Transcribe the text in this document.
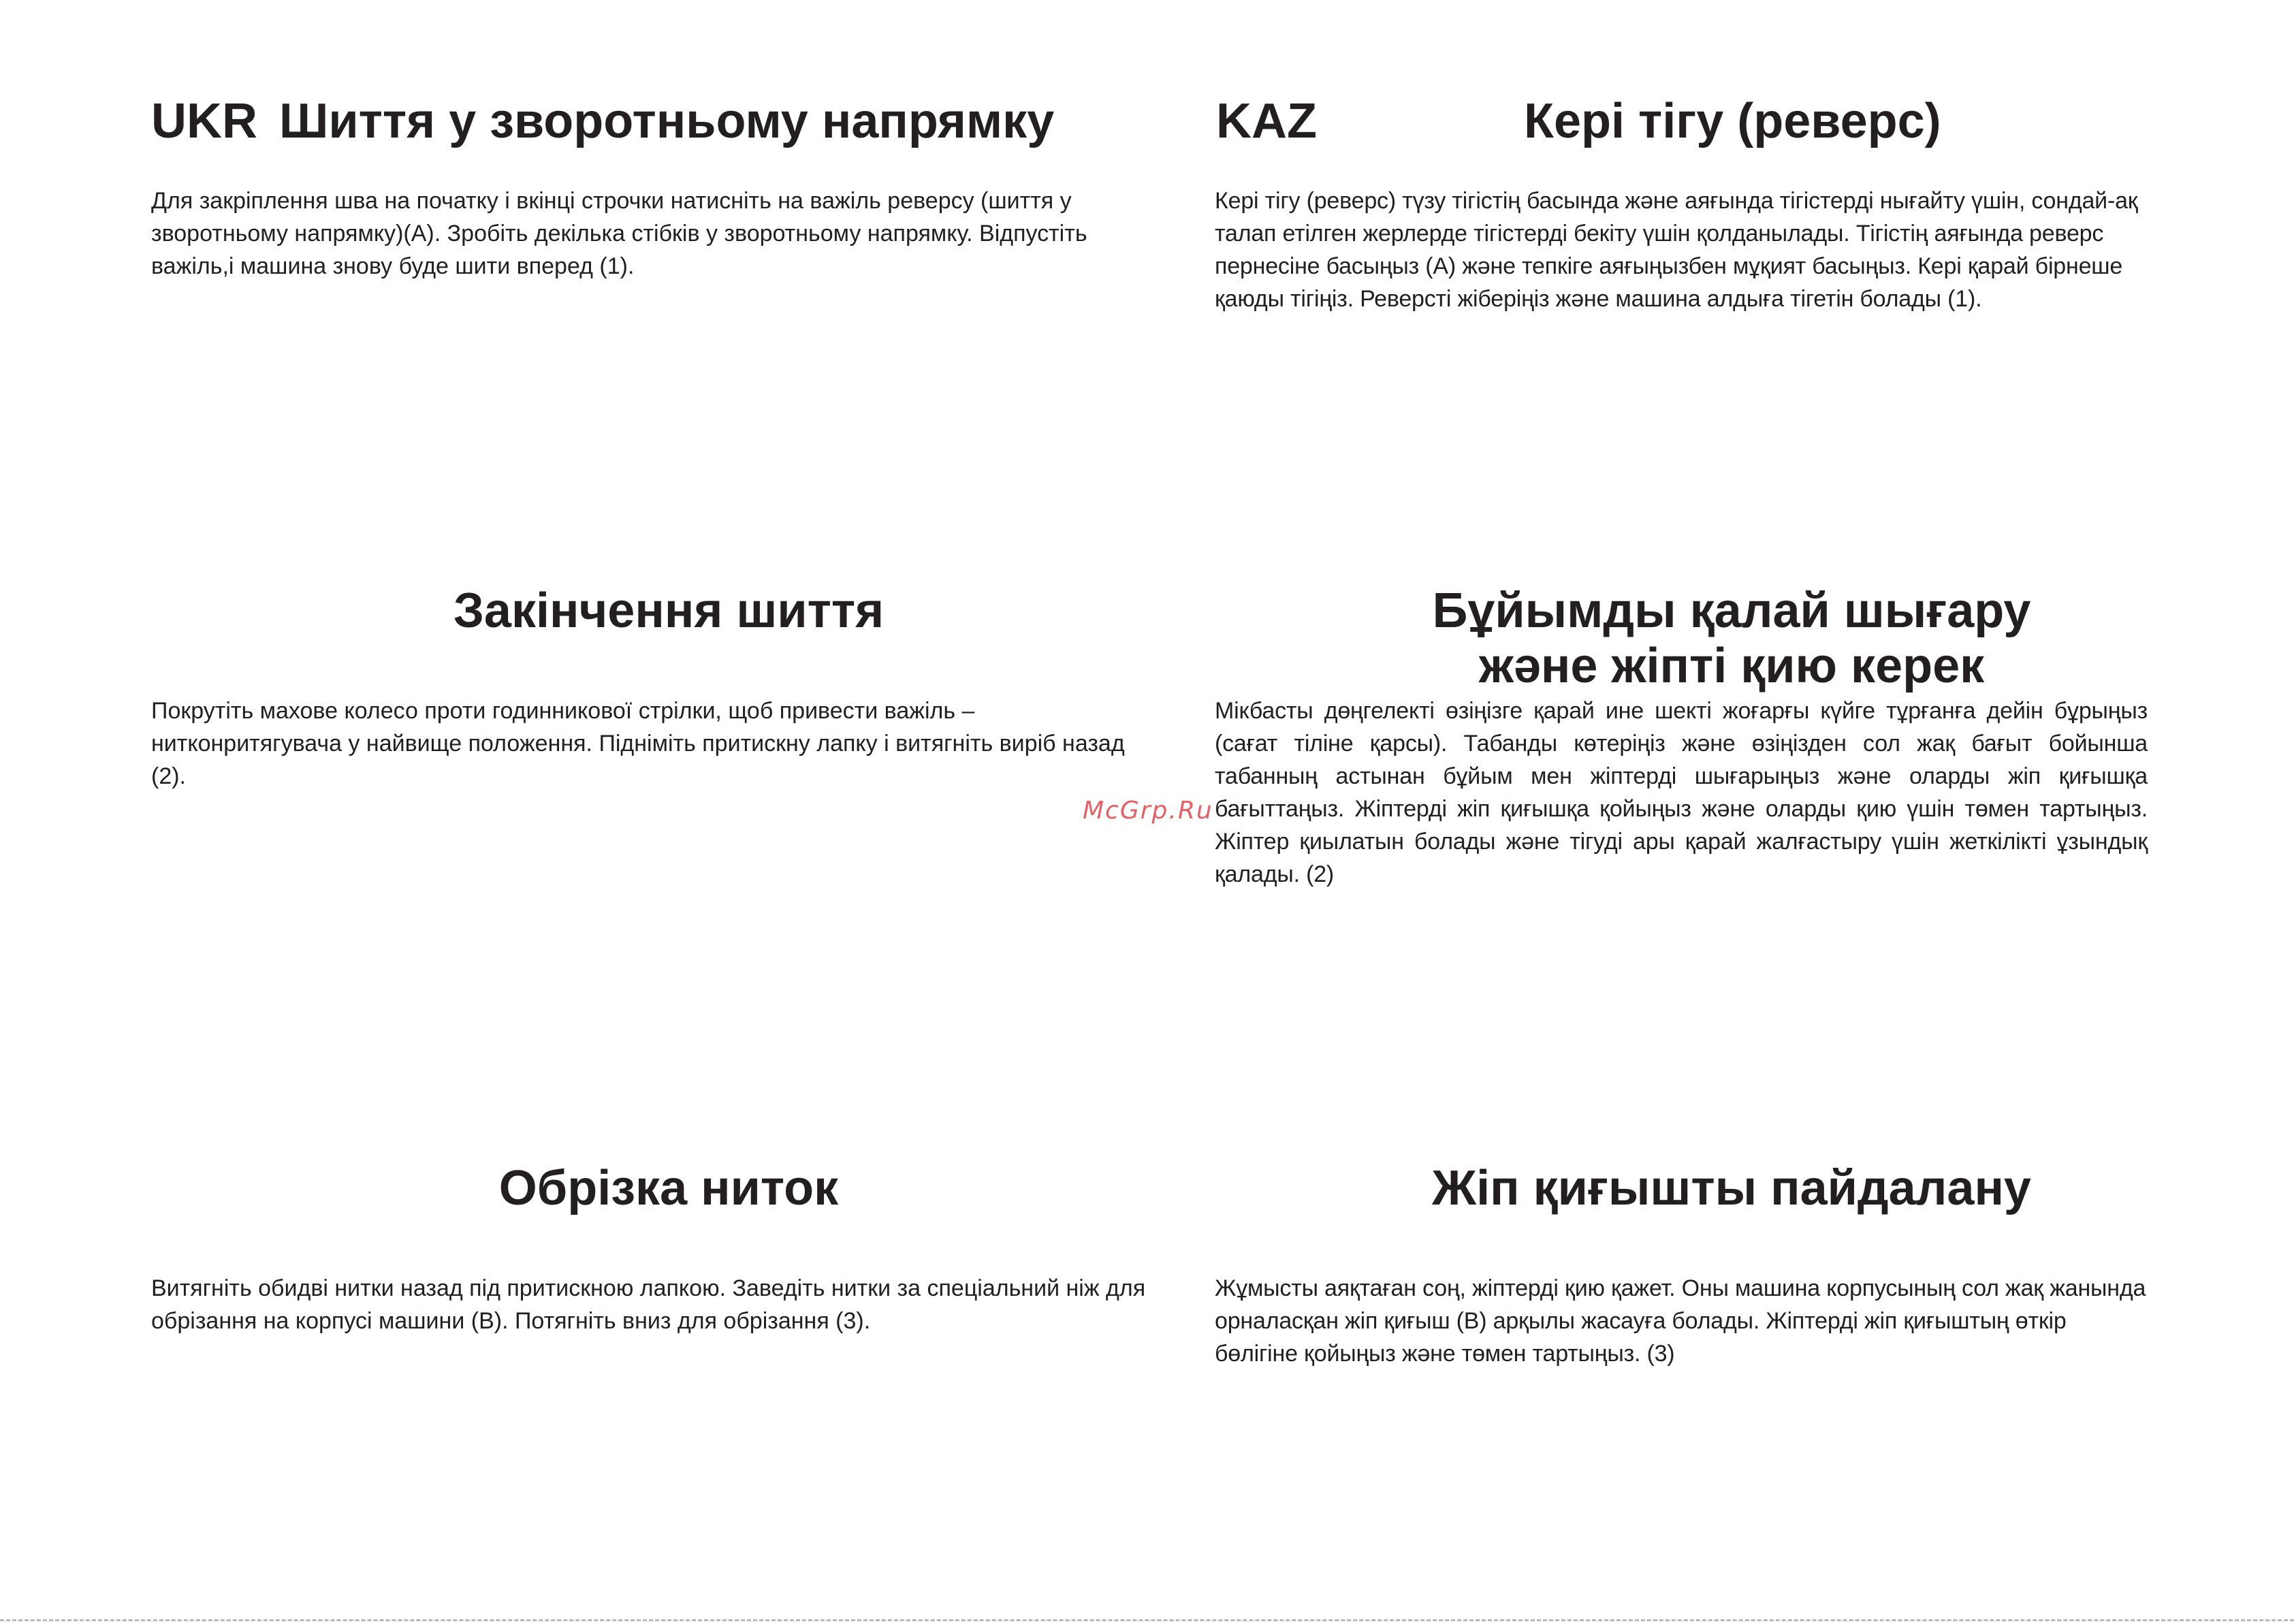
UKR Шиття у зворотньому напрямку

Для закріплення шва на початку і вкінці строчки натисніть на важіль реверсу (шиття у зворотньому напрямку)(A). Зробіть декілька стібків у зворотньому напрямку. Відпустіть важіль,і машина знову буде шити вперед (1).

Закінчення шиття

Покрутіть махове колесо проти годинникової стрілки, щоб привести важіль – нитконритягувача у найвище положення. Підніміть притискну лапку і витягніть виріб назад (2).

Обрізка ниток

Витягніть обидві нитки назад під притискною лапкою. Заведіть нитки за спеціальний ніж для обрізання на корпусі машини (B). Потягніть вниз для обрізання (3).

McGrp.Ru
KAZ	Кері тігу (реверс)

Кері тігу (реверс) түзу тігістің басында және аяғында тігістерді нығайту үшін, сондай-ақ талап етілген жерлерде тігістерді бекіту үшін қолданылады. Тігістің аяғында реверс пернесіне басыңыз (A) және тепкіге аяғыңызбен мұқият басыңыз. Кері қарай бірнеше қаюды тігіңіз. Реверсті жіберіңіз және машина алдыға тігетін болады (1).

Бұйымды қалай шығару
және жіпті қию керек

Мікбасты дөңгелекті өзіңізге қарай ине шекті жоғарғы күйге тұрғанға дейін бұрыңыз (сағат тіліне қарсы). Табанды көтеріңіз және өзіңізден сол жақ бағыт бойынша табанның астынан бұйым мен жіптерді шығарыңыз және оларды жіп қиғышқа бағыттаңыз. Жіптерді жіп қиғышқа қойыңыз және оларды қию үшін төмен тартыңыз. Жіптер қиылатын болады және тігуді ары қарай жалғастыру үшін жеткілікті ұзындық қалады. (2)

Жіп қиғышты пайдалану

Жұмысты аяқтаған соң, жіптерді қию қажет. Оны машина корпусының сол жақ жанында орналасқан жіп қиғыш (B) арқылы жасауға болады. Жіптерді жіп қиғыштың өткір бөлігіне қойыңыз және төмен тартыңыз. (3)
